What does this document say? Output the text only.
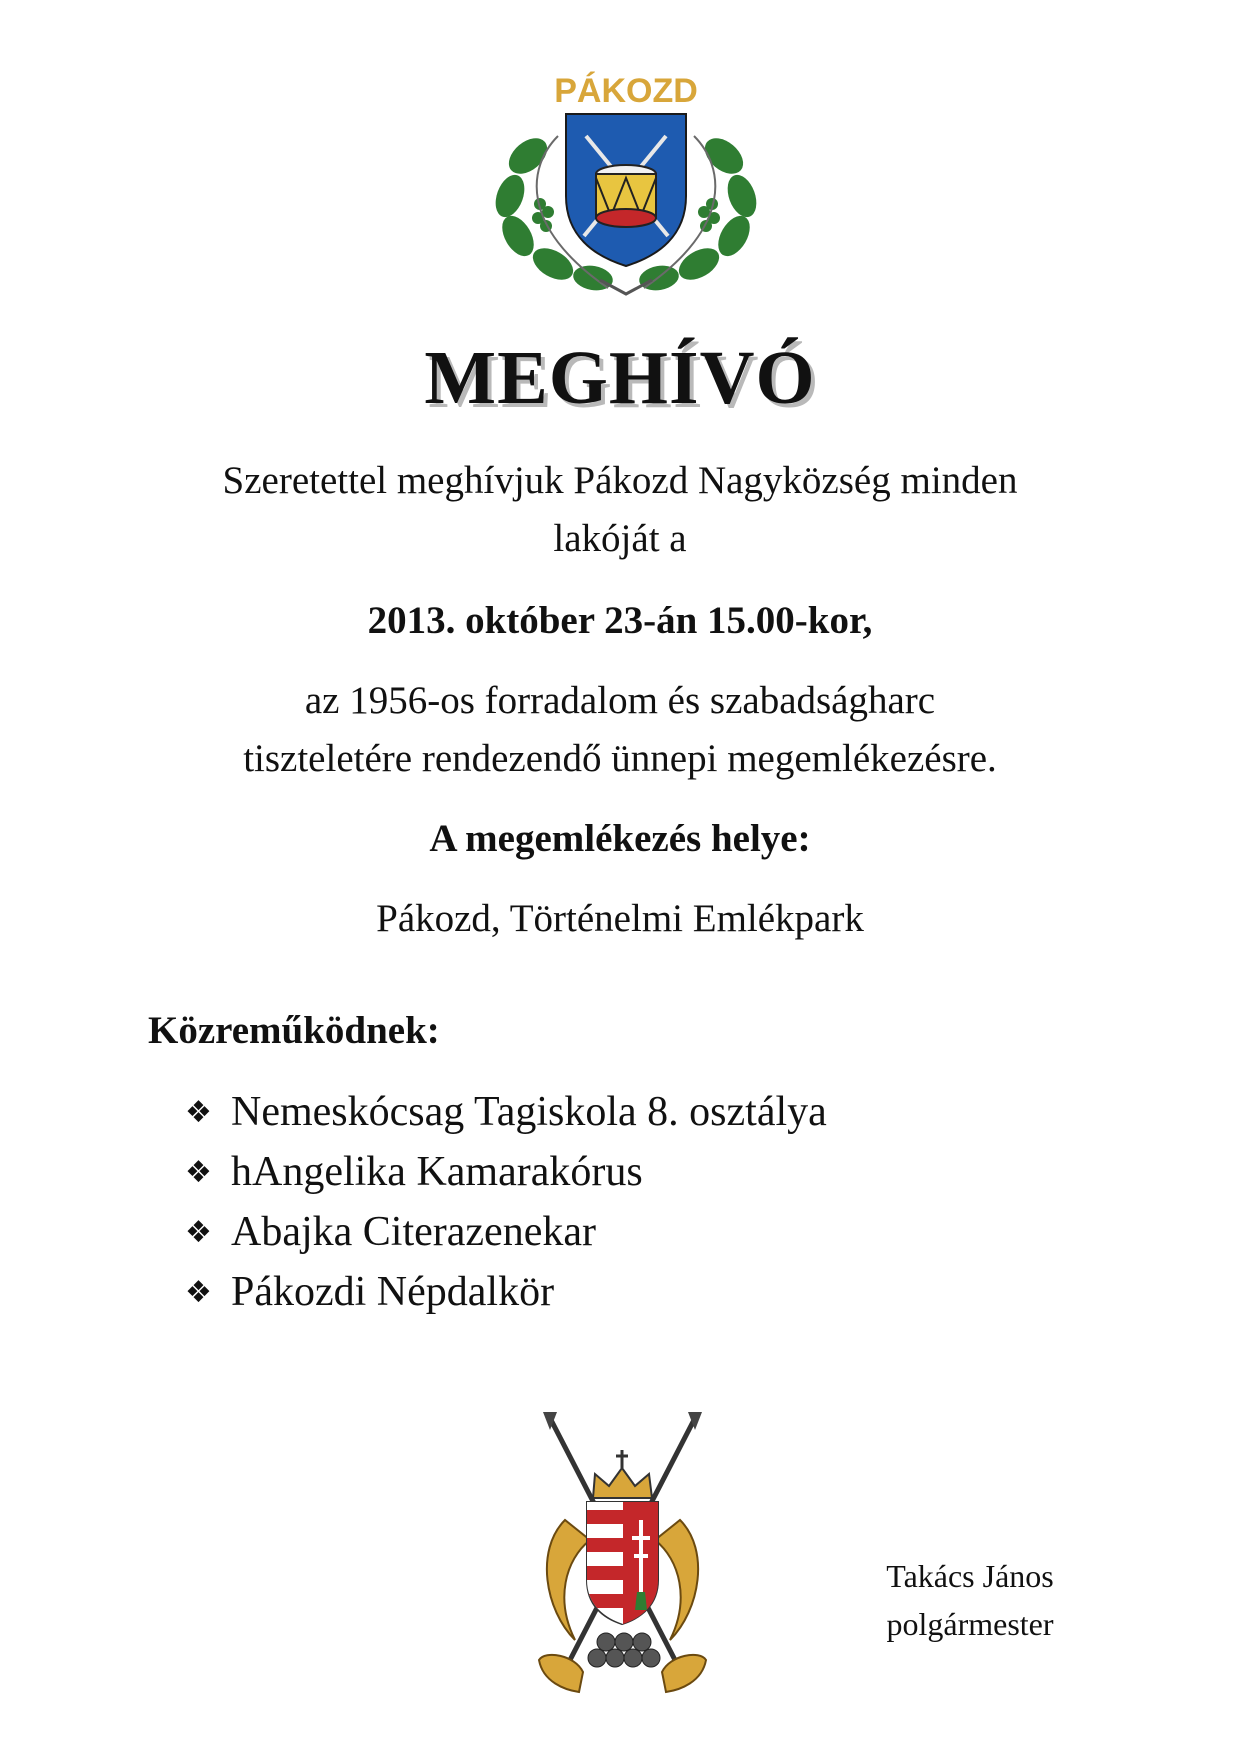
PÁKOZD
MEGHÍVÓ
Szeretettel meghívjuk Pákozd Nagyközség minden
lakóját a
2013. október 23-án 15.00-kor,
az 1956-os forradalom és szabadságharc
tiszteletére rendezendő ünnepi megemlékezésre.
A megemlékezés helye:
Pákozd, Történelmi Emlékpark
Közreműködnek:
❖ Nemeskócsag Tagiskola 8. osztálya
❖ hAngelika Kamarakórus
❖ Abajka Citerazenekar
❖ Pákozdi Népdalkör
Takács János
polgármester
